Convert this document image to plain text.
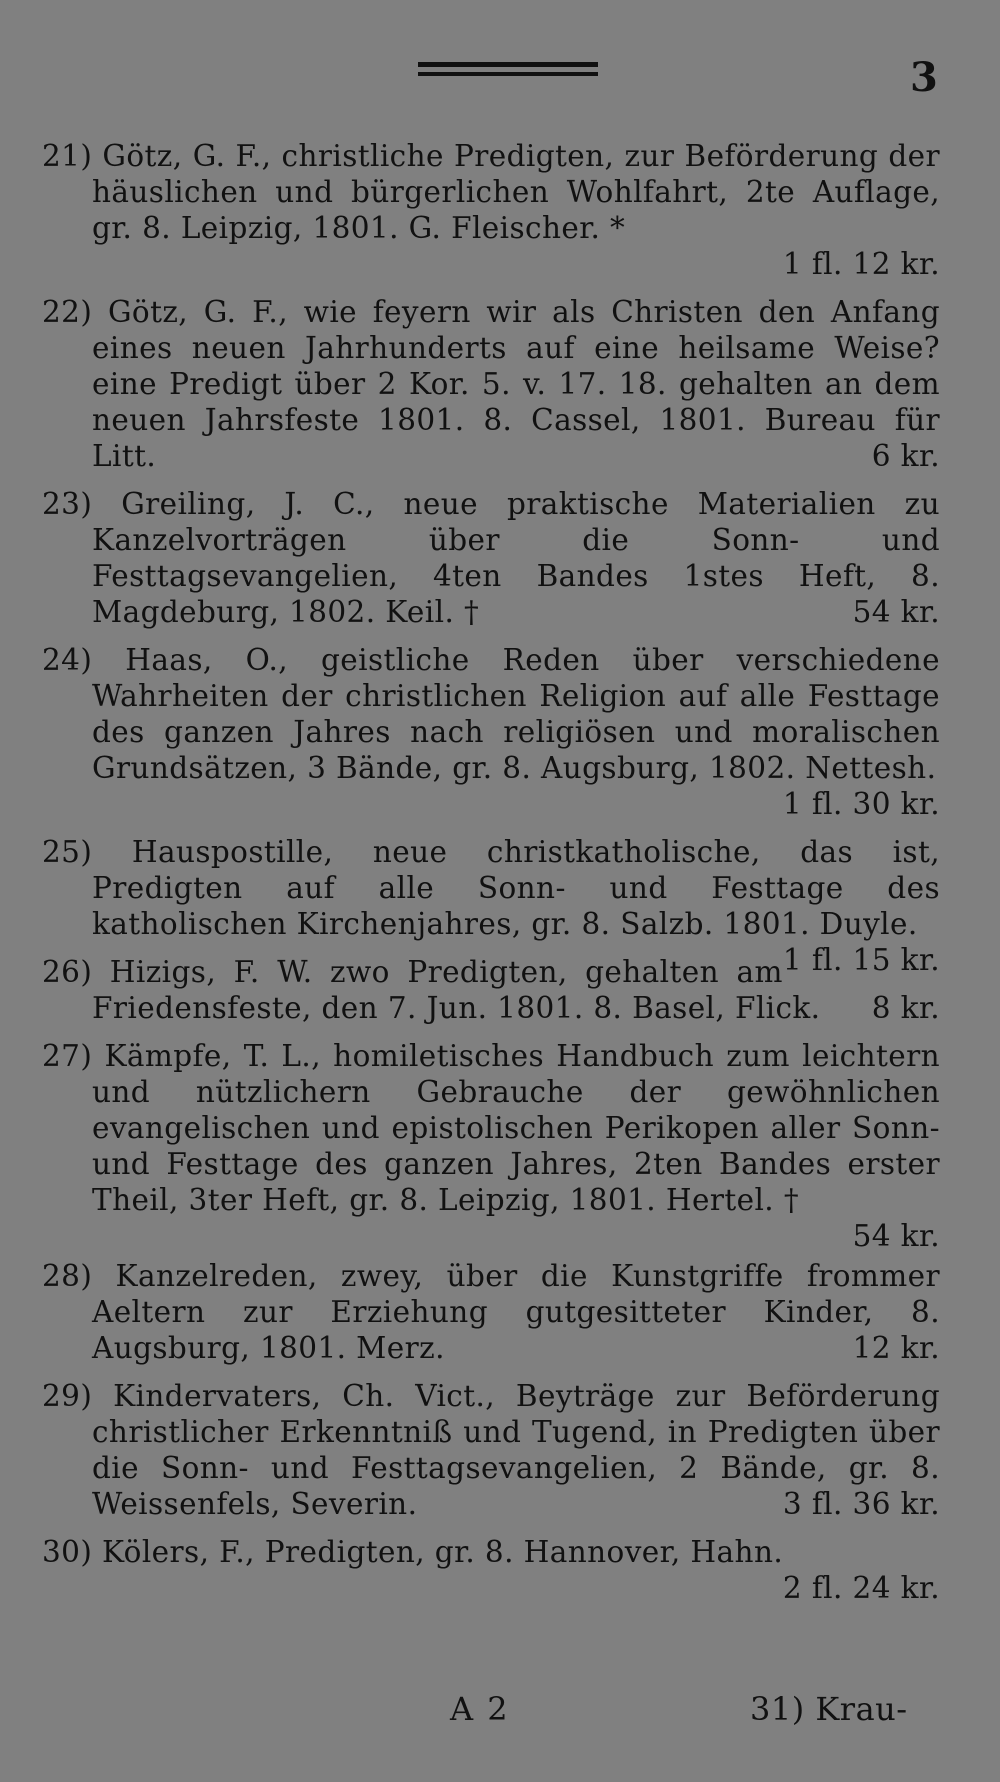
3

21) Götz, G. F., christliche Predigten, zur Beförderung der häuslichen und bürgerlichen Wohlfahrt, 2te Auflage, gr. 8. Leipzig, 1801. G. Fleischer. *

1 fl. 12 kr.

22) Götz, G. F., wie feyern wir als Christen den Anfang eines neuen Jahrhunderts auf eine heilsame Weise? eine Predigt über 2 Kor. 5. v. 17. 18. gehalten an dem neuen Jahrsfeste 1801. 8. Cassel, 1801. Bureau für Litt.	6 kr.

23) Greiling, J. C., neue praktische Materialien zu Kanzelvorträgen über die Sonn- und Festtagsevangelien, 4ten Bandes 1stes Heft, 8. Magdeburg, 1802. Keil. †	54 kr.

24) Haas, O., geistliche Reden über verschiedene Wahrheiten der christlichen Religion auf alle Festtage des ganzen Jahres nach religiösen und moralischen Grundsätzen, 3 Bände, gr. 8. Augsburg, 1802. Nettesh.

1 fl. 30 kr.

25) Hauspostille, neue christkatholische, das ist, Predigten auf alle Sonn- und Festtage des katholischen Kirchenjahres, gr. 8. Salzb. 1801. Duyle.
1 fl. 15 kr.

26) Hizigs, F. W. zwo Predigten, gehalten am Friedensfeste, den 7. Jun. 1801. 8. Basel, Flick. 8 kr.

27) Kämpfe, T. L., homiletisches Handbuch zum leichtern und nützlichern Gebrauche der gewöhnlichen evangelischen und epistolischen Perikopen aller Sonn- und Festtage des ganzen Jahres, 2ten Bandes erster Theil, 3ter Heft, gr. 8. Leipzig, 1801. Hertel. †

54 kr.

28) Kanzelreden, zwey, über die Kunstgriffe frommer Aeltern zur Erziehung gutgesitteter Kinder, 8. Augsburg, 1801. Merz.	12 kr.

29) Kindervaters, Ch. Vict., Beyträge zur Beförderung christlicher Erkenntniß und Tugend, in Predigten über die Sonn- und Festtagsevangelien, 2 Bände, gr. 8. Weissenfels, Severin.	3 fl. 36 kr.

30) Kölers, F., Predigten, gr. 8. Hannover, Hahn.

2 fl. 24 kr.

A 2	31) Krau-
